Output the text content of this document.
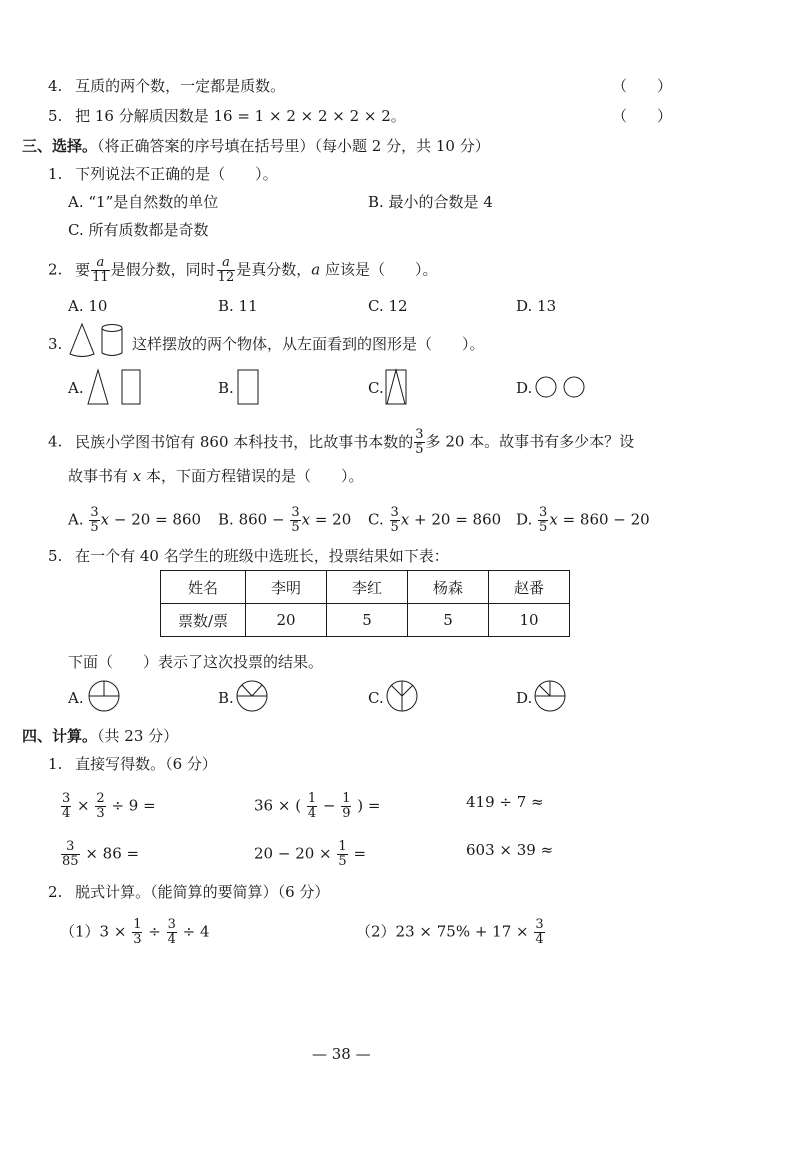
4. 互质的两个数，一定都是质数。	（　　）
5. 把 16 分解质因数是 16 = 1 × 2 × 2 × 2 × 2。	（　　）
三、选择。（将正确答案的序号填在括号里）（每小题 2 分，共 10 分）
1. 下列说法不正确的是（　　）。
A. “1”是自然数的单位	B. 最小的合数是 4
C. 所有质数都是奇数
2. 要 $\frac{a}{11}$ 是假分数，同时 $\frac{a}{12}$ 是真分数，a 应该是（　　）。
A. 10	B. 11	C. 12	D. 13
3.	这样摆放的两个物体，从左面看到的图形是（　　）。
A.	B.	C.	D.
4. 民族小学图书馆有 860 本科技书，比故事书本数的 $\frac{3}{5}$ 多 20 本。故事书有多少本？设
故事书有 x 本，下面方程错误的是（　　）。
A. $\frac{3}{5}$ x − 20 = 860 B. $860 - \frac{3}{5}$ x = 20 C. $\frac{3}{5}$ x + 20 = 860 D. $\frac{3}{5}$ x = 860 − 20
5. 在一个有 40 名学生的班级中选班长，投票结果如下表：
姓名	李明	李红	杨森	赵番
票数/票	20	5	5	10
下面（　　）表示了这次投票的结果。
A.	B.	C.	D.
四、计算。（共 23 分）
1. 直接写得数。（6 分）
$\frac{3}{4} \times \frac{2}{3} \div 9$ =	36 × ( $\frac{1}{4} - \frac{1}{9}$ ) =	419 ÷ 7 ≈
$\frac{3}{85} \times 86$ =	$20 - 20 \times \frac{1}{5}$ =	603 × 39 ≈
2. 脱式计算。（能简算的要简算）（6 分）
$(1)3 \times \frac{1}{3} \div \frac{3}{4} \div 4$	$(2)23 \times 75\% + 17 \times \frac{3}{4}$
— 38 —
